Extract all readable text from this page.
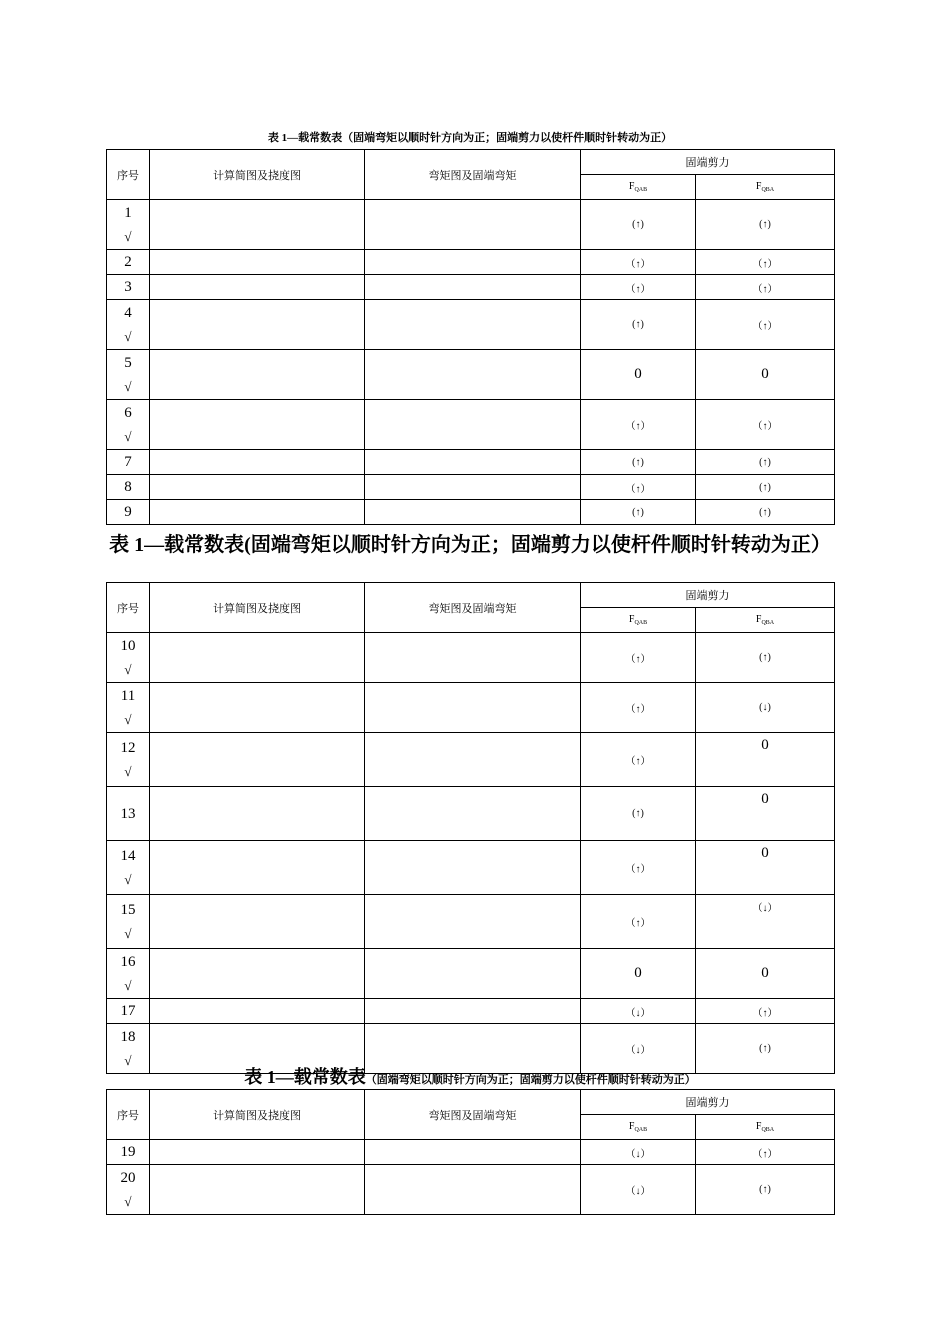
表 1—载常数表（固端弯矩以顺时针方向为正；固端剪力以使杆件顺时针转动为正）
序号	计算简图及挠度图	弯矩图及固端弯矩	固端剪力	
			$F_{QAB}$	$F_{QBA}$

1
√			(↑)	(↑)

2			（↑）	（↑）

3			（↑）	（↑）

4
√			(↑)	（↑）

5
√			0	0

6
√			（↑）	（↑）

7			(↑)	(↑)

8			（↑）	(↑)

9			(↑)	(↑)
表 1—载常数表(固端弯矩以顺时针方向为正；固端剪力以使杆件顺时针转动为正）
序号	计算简图及挠度图	弯矩图及固端弯矩	固端剪力	
			$F_{QAB}$	$F_{QBA}$

10
√			（↑）	(↑)

11
√			（↑）	(↓)

12
√			（↑）	0

13			(↑)	0

14
√			（↑）	0

15
√			（↑）	（↓）

16
√			0	0

17			（↓）	（↑）

18
√			（↓）	(↑)
表 1—载常数表（固端弯矩以顺时针方向为正；固端剪力以使杆件顺时针转动为正）
序号	计算简图及挠度图	弯矩图及固端弯矩	固端剪力	
			$F_{QAB}$	$F_{QBA}$

19			（↓）	（↑）

20
√			（↓）	(↑)
